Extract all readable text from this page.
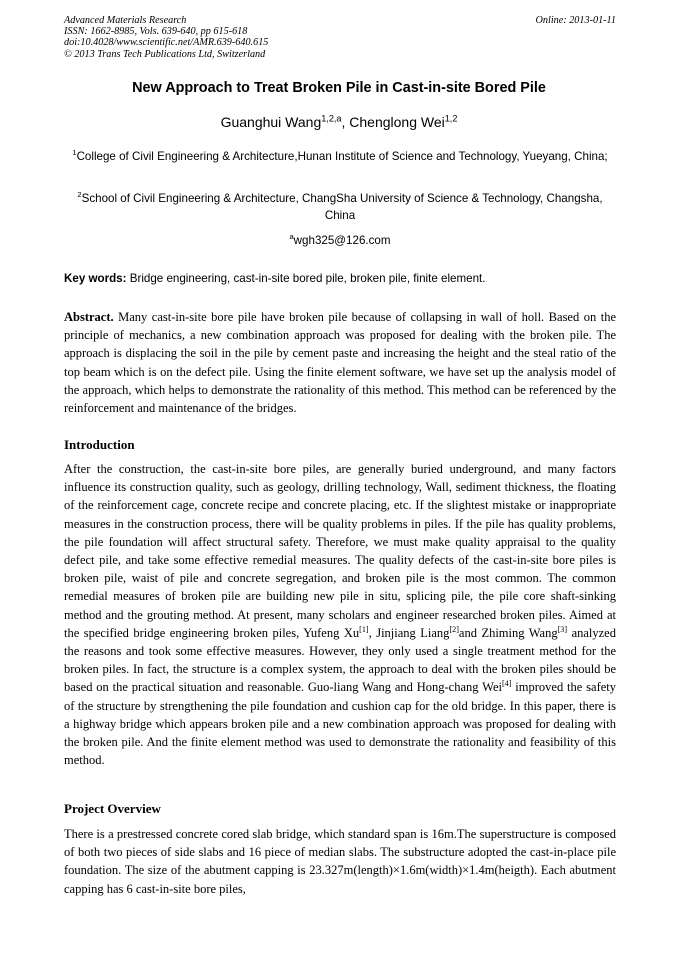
Advanced Materials Research
ISSN: 1662-8985, Vols. 639-640, pp 615-618
doi:10.4028/www.scientific.net/AMR.639-640.615
© 2013 Trans Tech Publications Ltd, Switzerland
Online: 2013-01-11
New Approach to Treat Broken Pile in Cast-in-site Bored Pile
Guanghui Wang$^{1,2,a}$, Chenglong Wei$^{1,2}$
$^1$College of Civil Engineering & Architecture,Hunan Institute of Science and Technology, Yueyang, China;
$^2$School of Civil Engineering & Architecture, ChangSha University of Science & Technology, Changsha, China
$^a$wgh325@126.com
Key words: Bridge engineering, cast-in-site bored pile, broken pile, finite element.
Abstract. Many cast-in-site bore pile have broken pile because of collapsing in wall of holl. Based on the principle of mechanics, a new combination approach was proposed for dealing with the broken pile. The approach is displacing the soil in the pile by cement paste and increasing the height and the steal ratio of the top beam which is on the defect pile. Using the finite element software, we have set up the analysis model of the approach, which helps to demonstrate the rationality of this method. This method can be referenced by the reinforcement and maintenance of the bridges.
Introduction
After the construction, the cast-in-site bore piles, are generally buried underground, and many factors influence its construction quality, such as geology, drilling technology, Wall, sediment thickness, the floating of the reinforcement cage, concrete recipe and concrete placing, etc. If the slightest mistake or inappropriate measures in the construction process, there will be quality problems in piles. If the pile has quality problems, the pile foundation will affect structural safety. Therefore, we must make quality appraisal to the quality defect pile, and take some effective remedial measures. The quality defects of the cast-in-site bore piles is broken pile, waist of pile and concrete segregation, and broken pile is the most common. The common remedial measures of broken pile are building new pile in situ, splicing pile, the pile core shaft-sinking method and the grouting method. At present, many scholars and engineer researched broken piles. Aimed at the specified bridge engineering broken piles, Yufeng Xu[1], Jinjiang Liang[2]and Zhiming Wang[3] analyzed the reasons and took some effective measures. However, they only used a single treatment method for the broken piles. In fact, the structure is a complex system, the approach to deal with the broken piles should be based on the practical situation and reasonable. Guo-liang Wang and Hong-chang Wei[4] improved the safety of the structure by strengthening the pile foundation and cushion cap for the old bridge. In this paper, there is a highway bridge which appears broken pile and a new combination approach was proposed for dealing with the broken pile. And the finite element method was used to demonstrate the rationality and feasibility of this method.
Project Overview
There is a prestressed concrete cored slab bridge, which standard span is 16m.The superstructure is composed of both two pieces of side slabs and 16 piece of median slabs. The substructure adopted the cast-in-place pile foundation. The size of the abutment capping is 23.327m(length)×1.6m(width)×1.4m(heigth). Each abutment capping has 6 cast-in-site bore piles,
